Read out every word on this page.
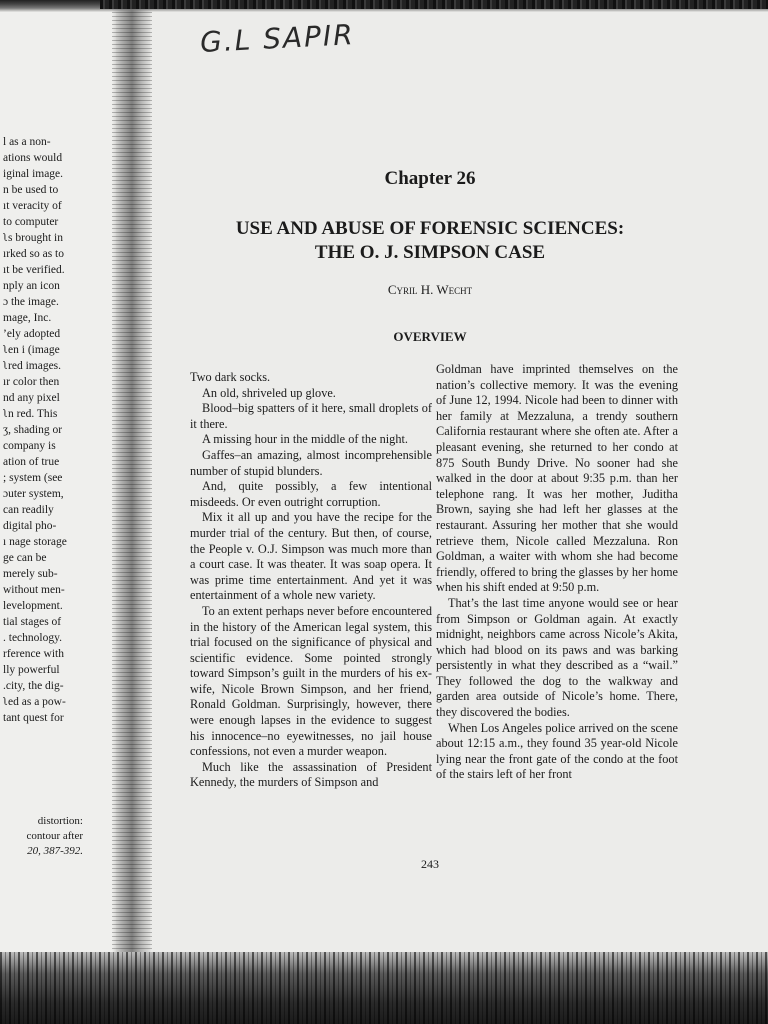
l as a non-
ations would
iginal image.
n be used to
ıt veracity of
to computer
ʅs brought in
ırked so as to
ıt be verified.
nply an icon
ɔ the image.
mage, Inc.
’ely adopted
ʅen i (image
ʅred images.
ır color then
nd any pixel
ʅn red. This
ʒ, shading or
company is
ation of true
; system (see
ɔuter system,
can readily
digital pho-
ı nage storage
ge can be
merely sub-
without men-
levelopment.
tial stages of
. technology.
rference with
lly powerful
.city, the dig-
ʅed as a pow-
tant quest for
distortion:
contour after
20, 387-392.
G.L SAPIR
Chapter 26
USE AND ABUSE OF FORENSIC SCIENCES:
THE O. J. SIMPSON CASE
Cyril H. Wecht
OVERVIEW

Two dark socks.

An old, shriveled up glove.

Blood–big spatters of it here, small droplets of it there.

A missing hour in the middle of the night.

Gaffes–an amazing, almost incomprehensible number of stupid blunders.

And, quite possibly, a few intentional misdeeds. Or even outright corruption.

Mix it all up and you have the recipe for the murder trial of the century. But then, of course, the People v. O.J. Simpson was much more than a court case. It was theater. It was soap opera. It was prime time entertainment. And yet it was entertainment of a whole new variety.

To an extent perhaps never before encountered in the history of the American legal system, this trial focused on the significance of physical and scientific evidence. Some pointed strongly toward Simpson’s guilt in the murders of his ex-wife, Nicole Brown Simpson, and her friend, Ronald Goldman. Surprisingly, however, there were enough lapses in the evidence to suggest his innocence–no eyewitnesses, no jail house confessions, not even a murder weapon.

Much like the assassination of President Kennedy, the murders of Simpson and

Goldman have imprinted themselves on the nation’s collective memory. It was the evening of June 12, 1994. Nicole had been to dinner with her family at Mezzaluna, a trendy southern California restaurant where she often ate. After a pleasant evening, she returned to her condo at 875 South Bundy Drive. No sooner had she walked in the door at about 9:35 p.m. than her telephone rang. It was her mother, Juditha Brown, saying she had left her glasses at the restaurant. Assuring her mother that she would retrieve them, Nicole called Mezzaluna. Ron Goldman, a waiter with whom she had become friendly, offered to bring the glasses by her home when his shift ended at 9:50 p.m.

That’s the last time anyone would see or hear from Simpson or Goldman again. At exactly midnight, neighbors came across Nicole’s Akita, which had blood on its paws and was barking persistently in what they described as a “wail.” They followed the dog to the walkway and garden area outside of Nicole’s home. There, they discovered the bodies.

When Los Angeles police arrived on the scene about 12:15 a.m., they found 35 year-old Nicole lying near the front gate of the condo at the foot of the stairs left of her front

243
